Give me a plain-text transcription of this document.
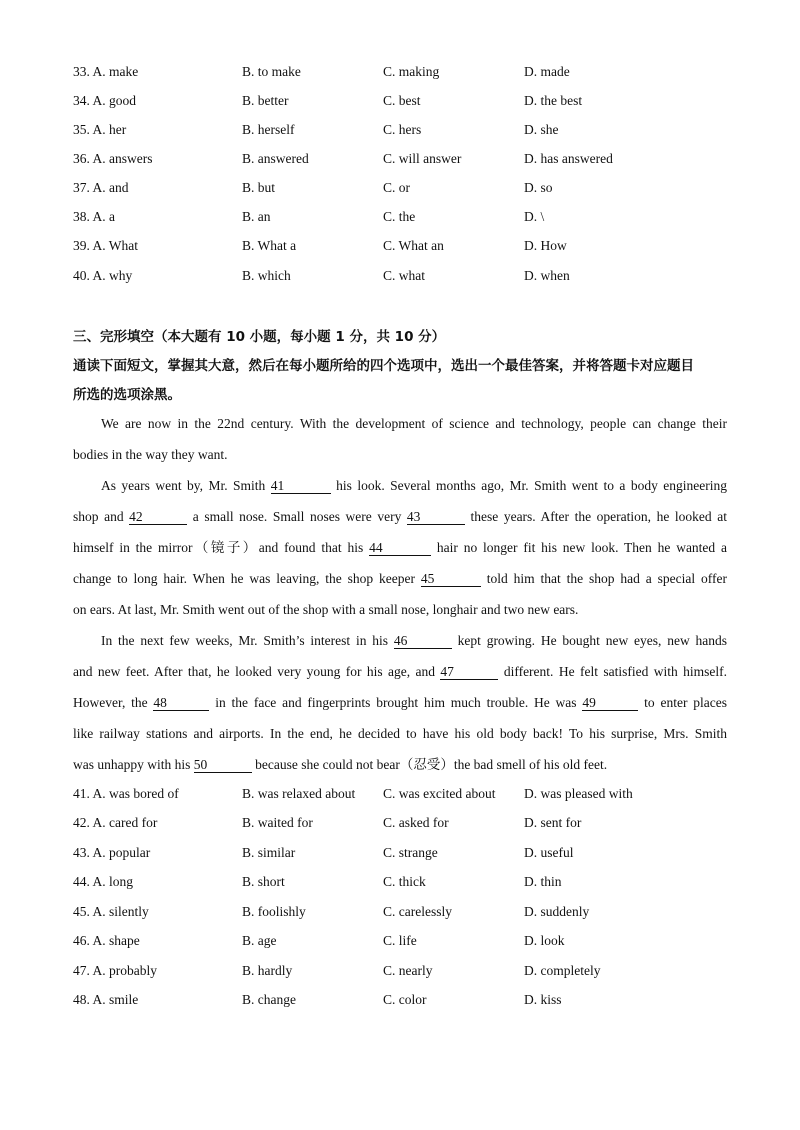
33. A. make	B. to make	C. making	D. made
34. A. good	B. better	C. best	D. the best
35. A. her	B. herself	C. hers	D. she
36. A. answers	B. answered	C. will answer	D. has answered
37. A. and	B. but	C. or	D. so
38. A. a	B. an	C. the	D. \
39. A. What	B. What a	C. What an	D. How
40. A. why	B. which	C. what	D. when
三、完形填空（本大题有 10 小题，每小题 1 分，共 10 分）
通读下面短文，掌握其大意，然后在每小题所给的四个选项中，选出一个最佳答案，并将答题卡对应题目
所选的选项涂黑。
We are now in the 22nd century. With the development of science and technology, people can change their
bodies in the way they want.
As years went by, Mr. Smith 41	his look. Several months ago, Mr. Smith went to a body engineering
shop and 42	a small nose. Small noses were very 43	these years. After the operation, he looked at
himself in the mirror（镜子）and found that his 44	hair no longer fit his new look. Then he wanted a
change to long hair. When he was leaving, the shop keeper 45	told him that the shop had a special offer
on ears. At last, Mr. Smith went out of the shop with a small nose, longhair and two new ears.
In the next few weeks, Mr. Smith’s interest in his 46	kept growing. He bought new eyes, new hands
and new feet. After that, he looked very young for his age, and 47	different. He felt satisfied with himself.
However, the 48	in the face and fingerprints brought him much trouble. He was 49	to enter places
like railway stations and airports. In the end, he decided to have his old body back! To his surprise, Mrs. Smith
was unhappy with his 50	because she could not bear（忍受）the bad smell of his old feet.
41. A. was bored of	B. was relaxed about C. was excited about D. was pleased with
42. A. cared for	B. waited for	C. asked for	D. sent for
43. A. popular	B. similar	C. strange	D. useful
44. A. long	B. short	C. thick	D. thin
45. A. silently	B. foolishly	C. carelessly	D. suddenly
46. A. shape	B. age	C. life	D. look
47. A. probably	B. hardly	C. nearly	D. completely
48. A. smile	B. change	C. color	D. kiss
